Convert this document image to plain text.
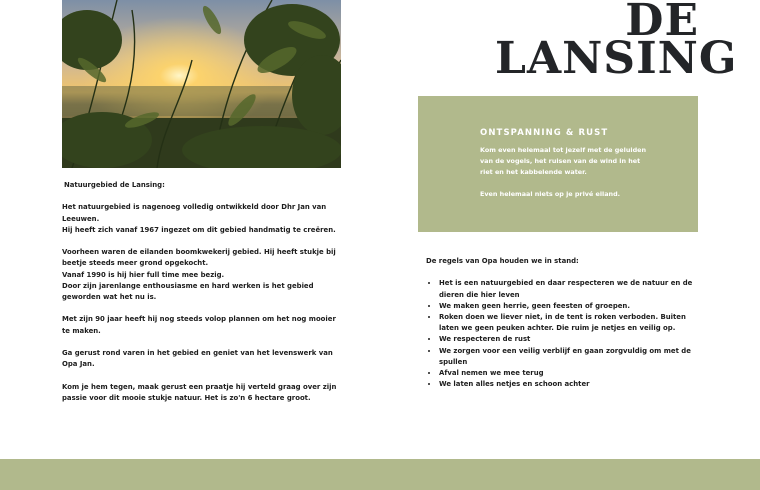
DE
LANSING
ONTSPANNING & RUST

Kom even helemaal tot jezelf met de geluiden van de vogels, het ruisen van de wind in het riet en het kabbelende water.

Even helemaal niets op je privé eiland.

Natuurgebied de Lansing:

Het natuurgebied is nagenoeg volledig ontwikkeld door Dhr Jan van Leeuwen.
Hij heeft zich vanaf 1967 ingezet om dit gebied handmatig te creëren.

Voorheen waren de eilanden boomkwekerij gebied. Hij heeft stukje bij beetje steeds meer grond opgekocht.
Vanaf 1990 is hij hier full time mee bezig.
Door zijn jarenlange enthousiasme en hard werken is het gebied geworden wat het nu is.

Met zijn 90 jaar heeft hij nog steeds volop plannen om het nog mooier te maken.

Ga gerust rond varen in het gebied en geniet van het levenswerk van Opa Jan.

Kom je hem tegen, maak gerust een praatje hij verteld graag over zijn passie voor dit mooie stukje natuur. Het is zo'n 6 hectare groot.

De regels van Opa houden we in stand:

• Het is een natuurgebied en daar respecteren we de natuur en de dieren die hier leven
• We maken geen herrie, geen feesten of groepen.
• Roken doen we liever niet, in de tent is roken verboden. Buiten laten we geen peuken achter. Die ruim je netjes en veilig op.
• We respecteren de rust
• We zorgen voor een veilig verblijf en gaan zorgvuldig om met de spullen
• Afval nemen we mee terug
• We laten alles netjes en schoon achter
